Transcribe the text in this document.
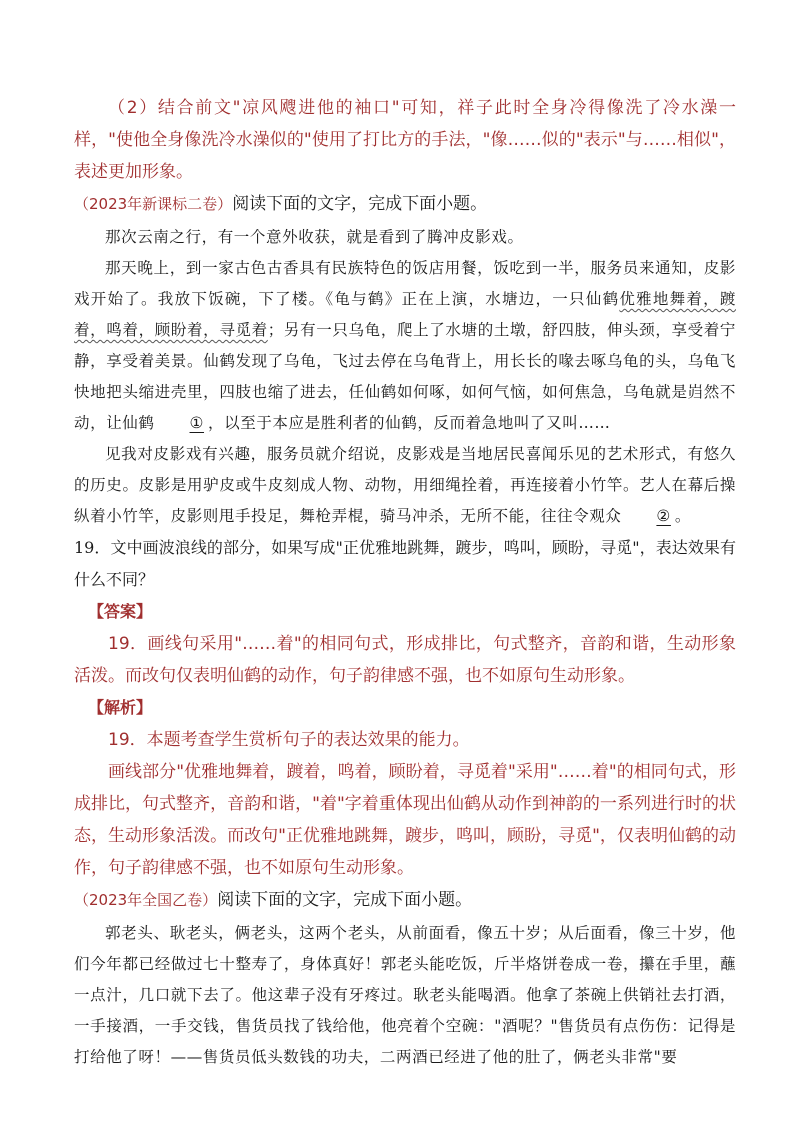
（2）结合前文"凉风飕进他的袖口"可知，祥子此时全身冷得像洗了冷水澡一样，"使他全身像洗冷水澡似的"使用了打比方的手法，"像……似的"表示"与……相似"，表述更加形象。

（2023年新课标二卷）阅读下面的文字，完成下面小题。

那次云南之行，有一个意外收获，就是看到了腾冲皮影戏。

那天晚上，到一家古色古香具有民族特色的饭店用餐，饭吃到一半，服务员来通知，皮影戏开始了。我放下饭碗，下了楼。《龟与鹤》正在上演，水塘边，一只仙鹤优雅地舞着，踱着，鸣着，顾盼着，寻觅着；另有一只乌龟，爬上了水塘的土墩，舒四肢，伸头颈，享受着宁静，享受着美景。仙鹤发现了乌龟，飞过去停在乌龟背上，用长长的喙去啄乌龟的头，乌龟飞快地把头缩进壳里，四肢也缩了进去，任仙鹤如何啄，如何气恼，如何焦急，乌龟就是岿然不动，让仙鹤 ① ，以至于本应是胜利者的仙鹤，反而着急地叫了又叫……

见我对皮影戏有兴趣，服务员就介绍说，皮影戏是当地居民喜闻乐见的艺术形式，有悠久的历史。皮影是用驴皮或牛皮刻成人物、动物，用细绳拴着，再连接着小竹竿。艺人在幕后操纵着小竹竿，皮影则甩手投足，舞枪弄棍，骑马冲杀，无所不能，往往令观众 ② 。

19．文中画波浪线的部分，如果写成"正优雅地跳舞，踱步，鸣叫，顾盼，寻觅"，表达效果有什么不同？

【答案】

19．画线句采用"……着"的相同句式，形成排比，句式整齐，音韵和谐，生动形象活泼。而改句仅表明仙鹤的动作，句子韵律感不强，也不如原句生动形象。

【解析】

19．本题考查学生赏析句子的表达效果的能力。

画线部分"优雅地舞着，踱着，鸣着，顾盼着，寻觅着"采用"……着"的相同句式，形成排比，句式整齐，音韵和谐，"着"字着重体现出仙鹤从动作到神韵的一系列进行时的状态，生动形象活泼。而改句"正优雅地跳舞，踱步，鸣叫，顾盼，寻觅"，仅表明仙鹤的动作，句子韵律感不强，也不如原句生动形象。

（2023年全国乙卷）阅读下面的文字，完成下面小题。

郭老头、耿老头，俩老头，这两个老头，从前面看，像五十岁；从后面看，像三十岁，他们今年都已经做过七十整寿了，身体真好！郭老头能吃饭，斤半烙饼卷成一卷，攥在手里，蘸一点汁，几口就下去了。他这辈子没有牙疼过。耿老头能喝酒。他拿了茶碗上供销社去打酒，一手接酒，一手交钱，售货员找了钱给他，他亮着个空碗："酒呢？"售货员有点伤伤：记得是打给他了呀！——售货员低头数钱的功夫，二两酒已经进了他的肚了，俩老头非常"要
